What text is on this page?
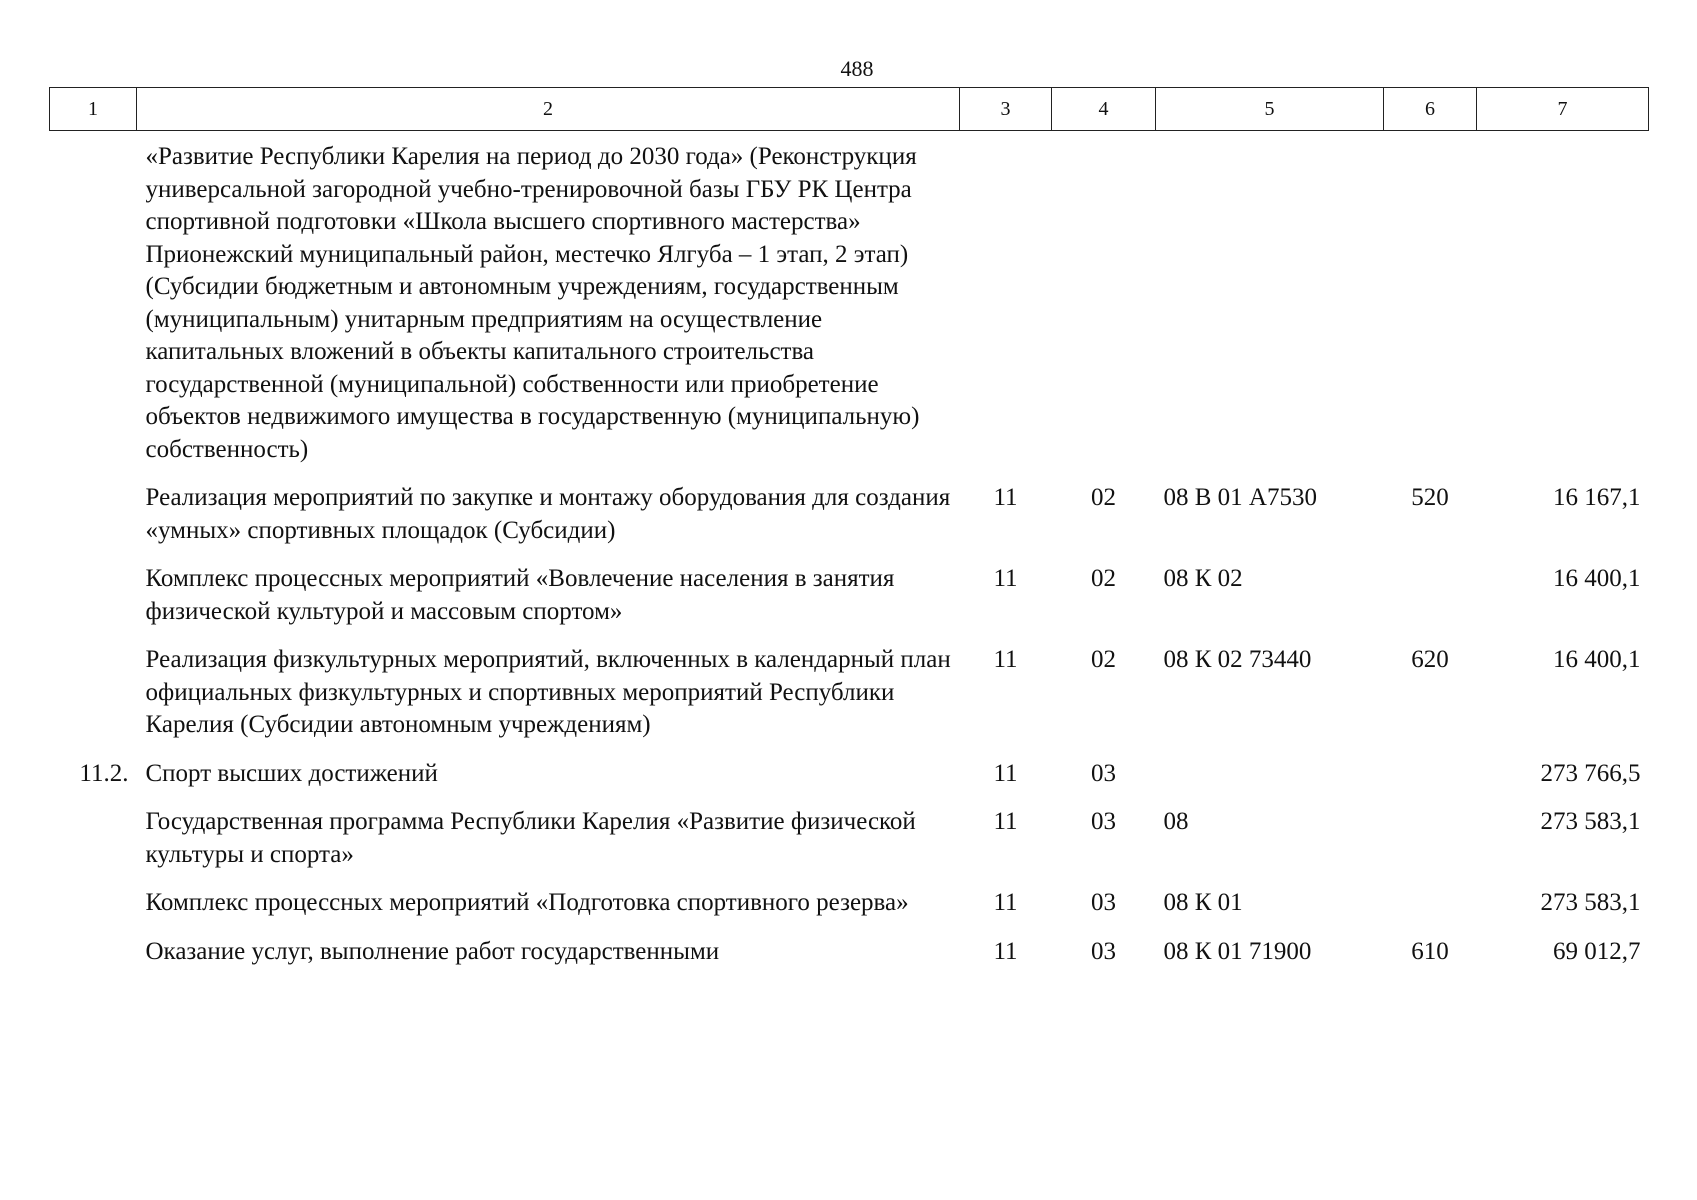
488
1	2	3	4	5	6	7
	«Развитие Республики Карелия на период до 2030 года» (Реконструкция универсальной загородной учебно-тренировочной базы ГБУ РК Центра спортивной подготовки «Школа высшего спортивного мастерства» Прионежский муниципальный район, местечко Ялгуба – 1 этап, 2 этап) (Субсидии бюджетным и автономным учреждениям, государственным (муниципальным) унитарным предприятиям на осуществление капитальных вложений в объекты капитального строительства государственной (муниципальной) собственности или приобретение объектов недвижимого имущества в государственную (муниципальную) собственность)					
	Реализация мероприятий по закупке и монтажу оборудования для создания «умных» спортивных площадок (Субсидии)	11	02	08 В 01 А7530	520	16 167,1
	Комплекс процессных мероприятий «Вовлечение населения в занятия физической культурой и массовым спортом»	11	02	08 К 02		16 400,1
	Реализация физкультурных мероприятий, включенных в календарный план официальных физкультурных и спортивных мероприятий Республики Карелия (Субсидии автономным учреждениям)	11	02	08 К 02 73440	620	16 400,1
11.2.	Спорт высших достижений	11	03			273 766,5
	Государственная программа Республики Карелия «Развитие физической культуры и спорта»	11	03	08		273 583,1
	Комплекс процессных мероприятий «Подготовка спортивного резерва»	11	03	08 К 01		273 583,1
	Оказание услуг, выполнение работ государственными	11	03	08 К 01 71900	610	69 012,7
